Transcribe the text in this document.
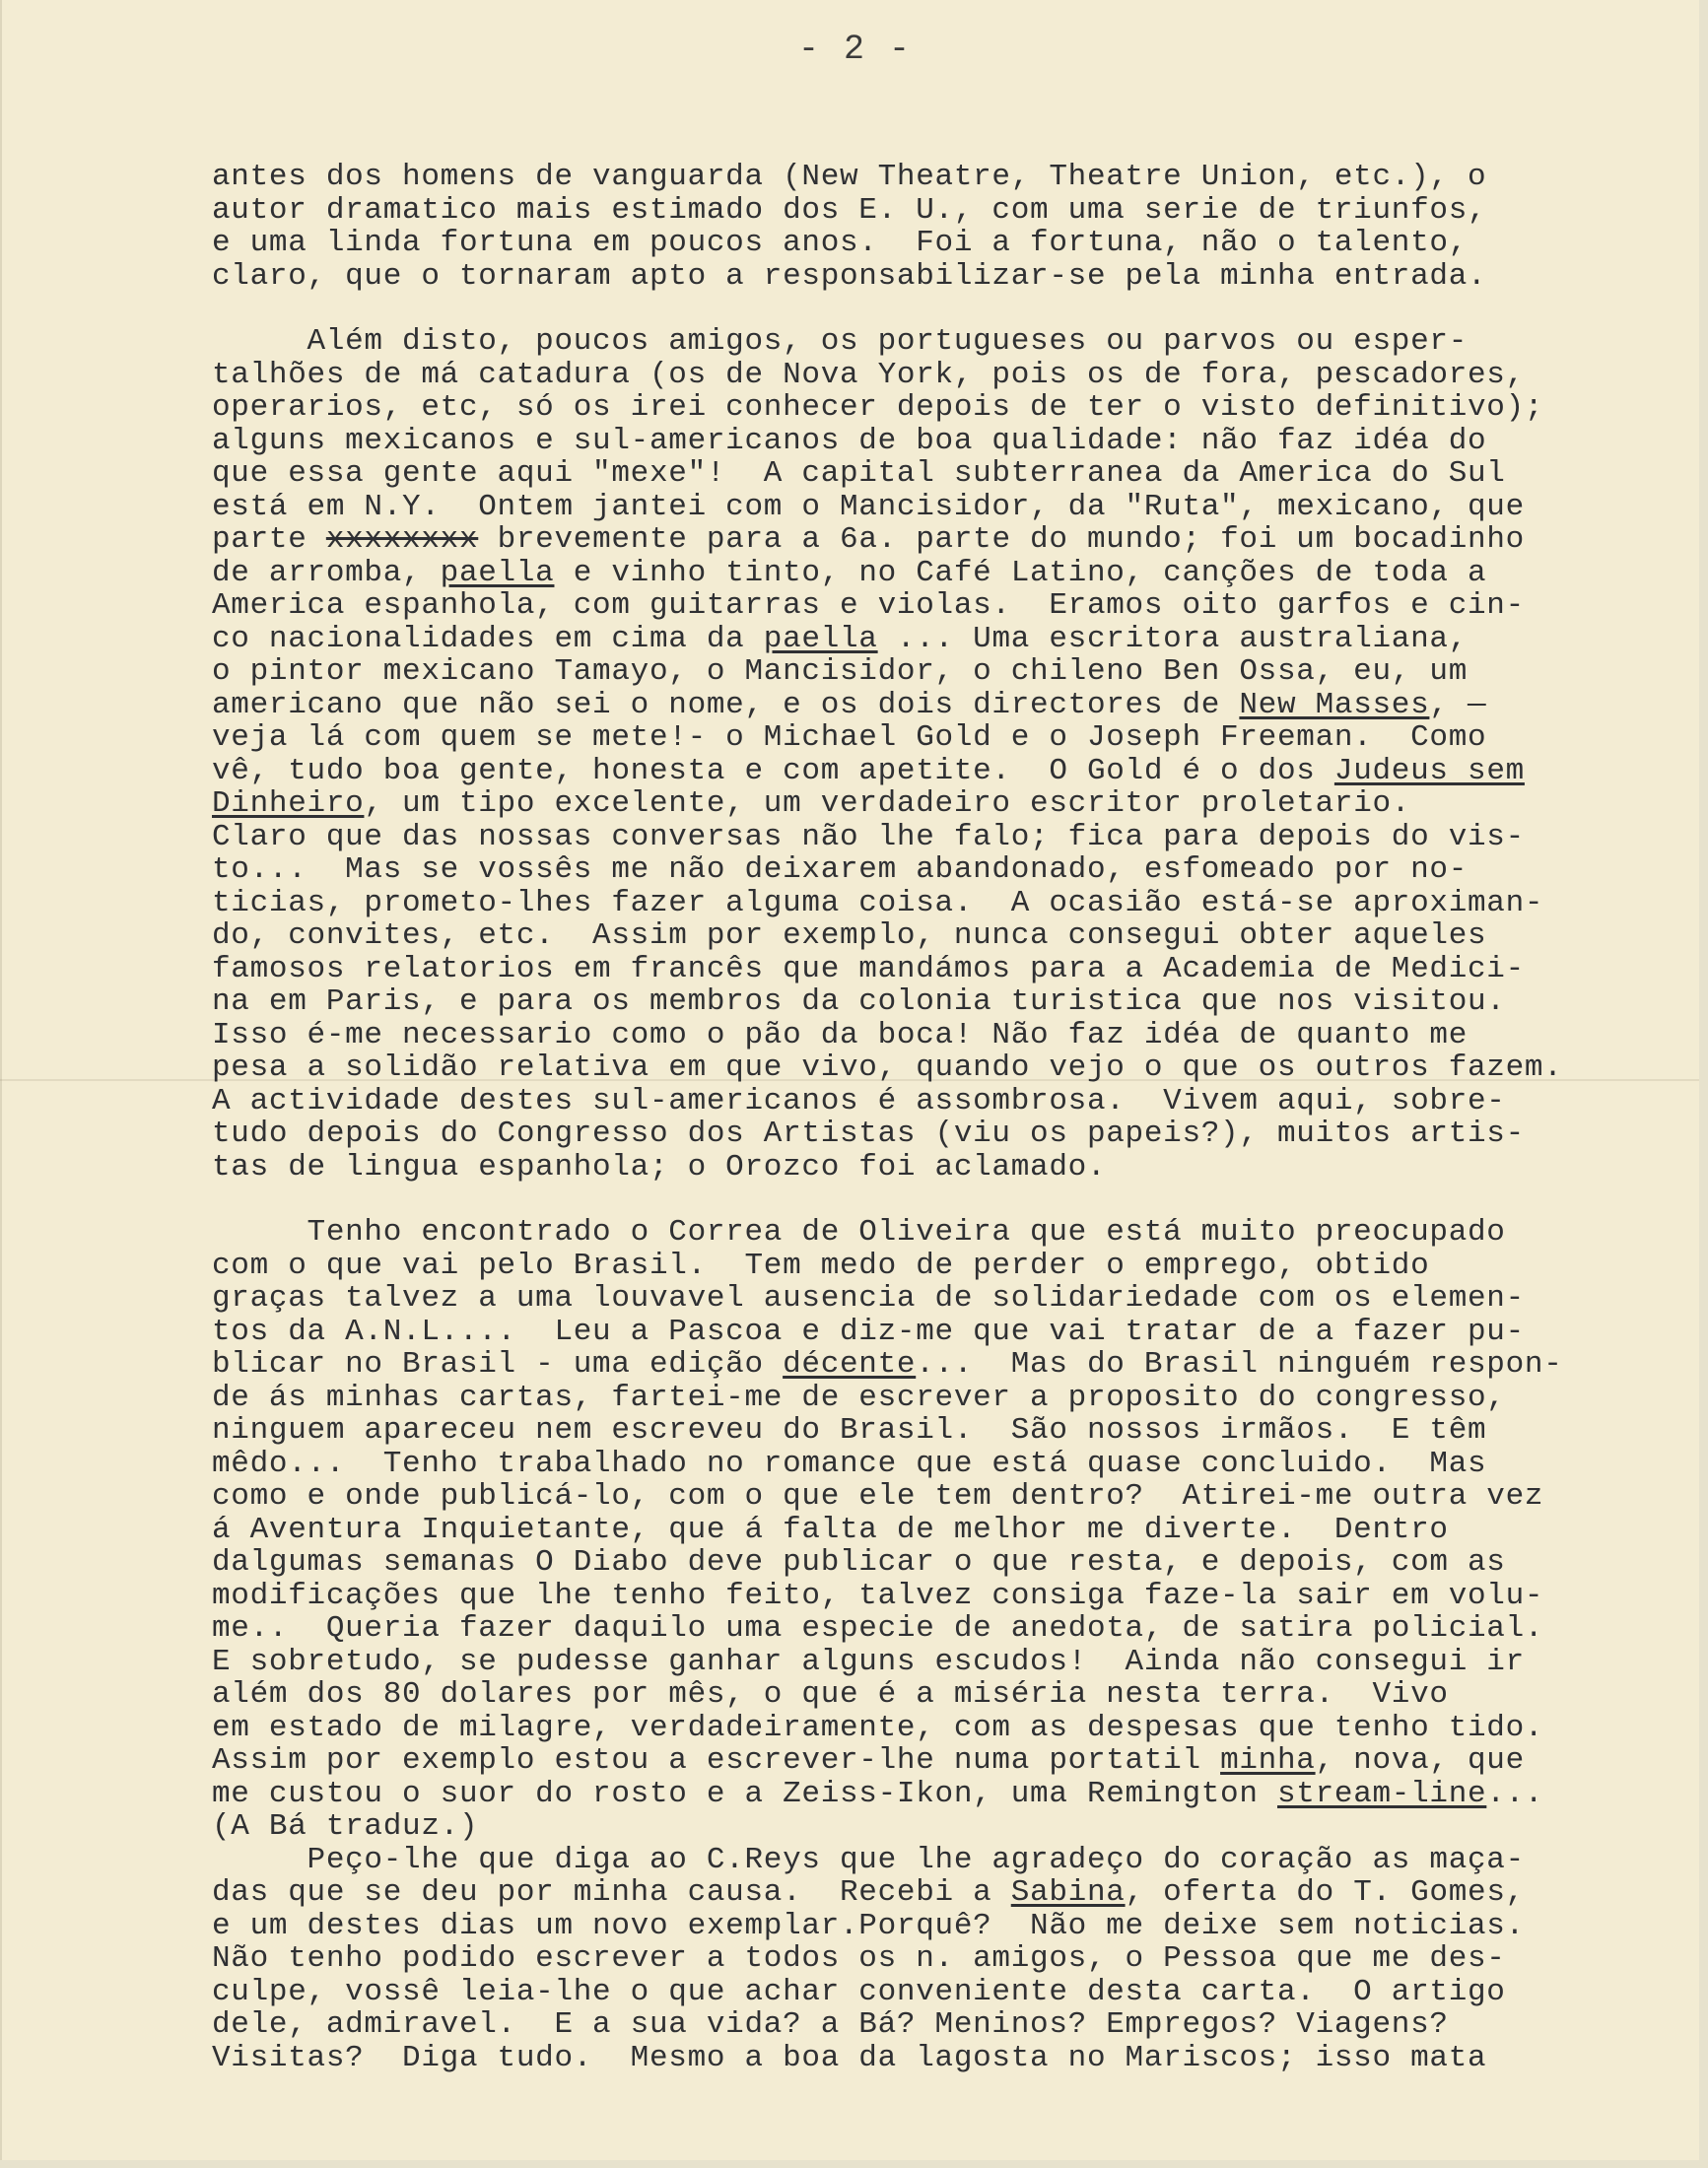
- 2 -
antes dos homens de vanguarda (New Theatre, Theatre Union, etc.), o
autor dramatico mais estimado dos E. U., com uma serie de triunfos,
e uma linda fortuna em poucos anos.  Foi a fortuna, não o talento,
claro, que o tornaram apto a responsabilizar-se pela minha entrada.
Além disto, poucos amigos, os portugueses ou parvos ou esper-
talhões de má catadura (os de Nova York, pois os de fora, pescadores,
operarios, etc, só os irei conhecer depois de ter o visto definitivo);
alguns mexicanos e sul-americanos de boa qualidade: não faz idéa do
que essa gente aqui "mexe"!  A capital subterranea da America do Sul
está em N.Y.  Ontem jantei com o Mancisidor, da "Ruta", mexicano, que
parte xxxxxxxx brevemente para a 6a. parte do mundo; foi um bocadinho
de arromba, paella e vinho tinto, no Café Latino, canções de toda a
America espanhola, com guitarras e violas.  Eramos oito garfos e cin-
co nacionalidades em cima da paella ... Uma escritora australiana,
o pintor mexicano Tamayo, o Mancisidor, o chileno Ben Ossa, eu, um
americano que não sei o nome, e os dois directores de New Masses, —
veja lá com quem se mete!- o Michael Gold e o Joseph Freeman.  Como
vê, tudo boa gente, honesta e com apetite.  O Gold é o dos Judeus sem
Dinheiro, um tipo excelente, um verdadeiro escritor proletario.
Claro que das nossas conversas não lhe falo; fica para depois do vis-
to...  Mas se vossês me não deixarem abandonado, esfomeado por no-
ticias, prometo-lhes fazer alguma coisa.  A ocasião está-se aproximan-
do, convites, etc.  Assim por exemplo, nunca consegui obter aqueles
famosos relatorios em francês que mandámos para a Academia de Medici-
na em Paris, e para os membros da colonia turistica que nos visitou.
Isso é-me necessario como o pão da boca! Não faz idéa de quanto me
pesa a solidão relativa em que vivo, quando vejo o que os outros fazem.
A actividade destes sul-americanos é assombrosa.  Vivem aqui, sobre-
tudo depois do Congresso dos Artistas (viu os papeis?), muitos artis-
tas de lingua espanhola; o Orozco foi aclamado.
Tenho encontrado o Correa de Oliveira que está muito preocupado
com o que vai pelo Brasil.  Tem medo de perder o emprego, obtido
graças talvez a uma louvavel ausencia de solidariedade com os elemen-
tos da A.N.L....  Leu a Pascoa e diz-me que vai tratar de a fazer pu-
blicar no Brasil - uma edição décente...  Mas do Brasil ninguém respon-
de ás minhas cartas, fartei-me de escrever a proposito do congresso,
ninguem apareceu nem escreveu do Brasil.  São nossos irmãos.  E têm
mêdo...  Tenho trabalhado no romance que está quase concluido.  Mas
como e onde publicá-lo, com o que ele tem dentro?  Atirei-me outra vez
á Aventura Inquietante, que á falta de melhor me diverte.  Dentro
dalgumas semanas O Diabo deve publicar o que resta, e depois, com as
modificações que lhe tenho feito, talvez consiga faze-la sair em volu-
me..  Queria fazer daquilo uma especie de anedota, de satira policial.
E sobretudo, se pudesse ganhar alguns escudos!  Ainda não consegui ir
além dos 80 dolares por mês, o que é a miséria nesta terra.  Vivo
em estado de milagre, verdadeiramente, com as despesas que tenho tido.
Assim por exemplo estou a escrever-lhe numa portatil minha, nova, que
me custou o suor do rosto e a Zeiss-Ikon, uma Remington stream-line...
(A Bá traduz.)
Peço-lhe que diga ao C.Reys que lhe agradeço do coração as maça-
das que se deu por minha causa.  Recebi a Sabina, oferta do T. Gomes,
e um destes dias um novo exemplar.Porquê?  Não me deixe sem noticias.
Não tenho podido escrever a todos os n. amigos, o Pessoa que me des-
culpe, vossê leia-lhe o que achar conveniente desta carta.  O artigo
dele, admiravel.  E a sua vida? a Bá? Meninos? Empregos? Viagens?
Visitas?  Diga tudo.  Mesmo a boa da lagosta no Mariscos; isso mata
